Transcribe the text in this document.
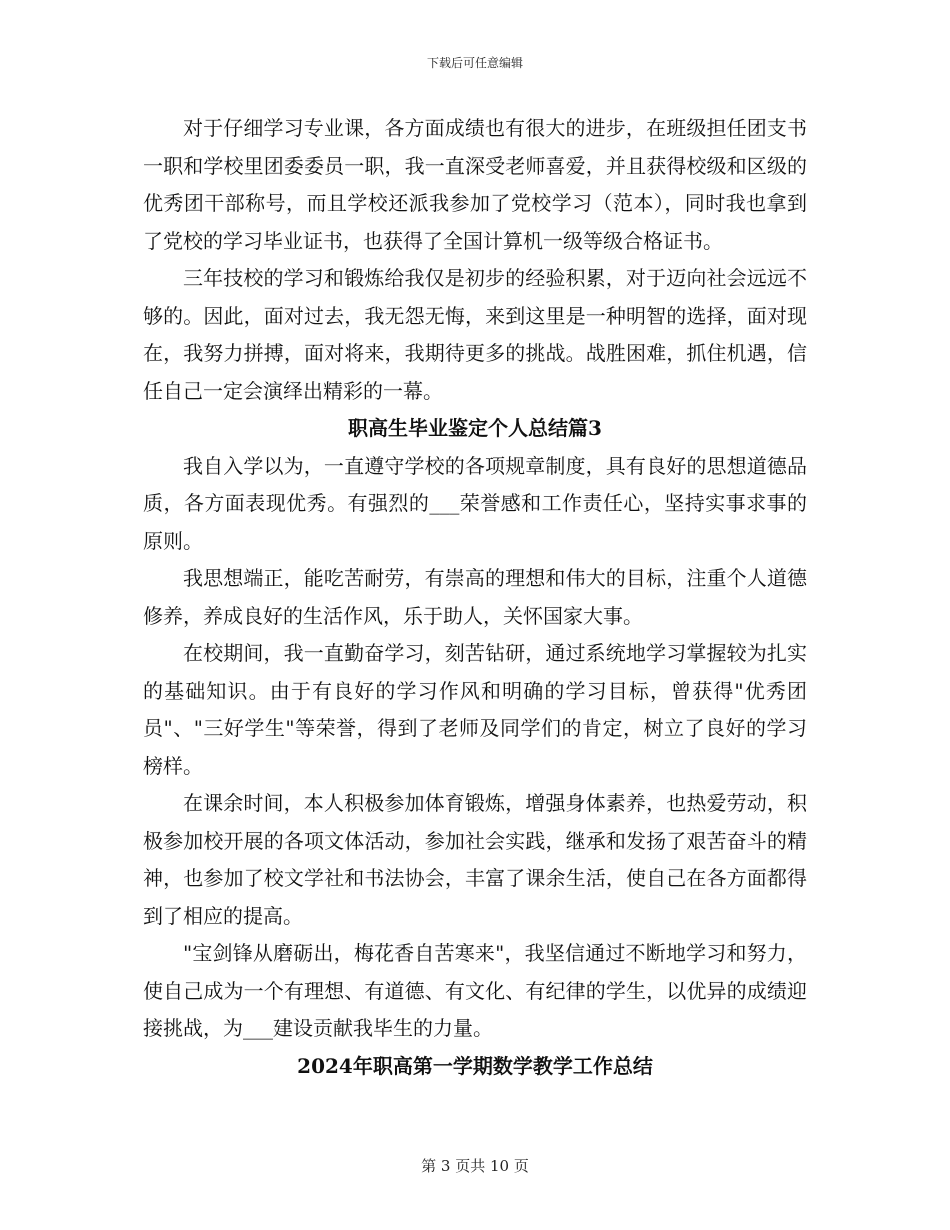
下载后可任意编辑

对于仔细学习专业课，各方面成绩也有很大的进步，在班级担任团支书一职和学校里团委委员一职，我一直深受老师喜爱，并且获得校级和区级的优秀团干部称号，而且学校还派我参加了党校学习（范本），同时我也拿到了党校的学习毕业证书，也获得了全国计算机一级等级合格证书。

三年技校的学习和锻炼给我仅是初步的经验积累，对于迈向社会远远不够的。因此，面对过去，我无怨无悔，来到这里是一种明智的选择，面对现在，我努力拼搏，面对将来，我期待更多的挑战。战胜困难，抓住机遇，信任自己一定会演绎出精彩的一幕。

职高生毕业鉴定个人总结篇3

我自入学以为，一直遵守学校的各项规章制度，具有良好的思想道德品质，各方面表现优秀。有强烈的___荣誉感和工作责任心，坚持实事求事的原则。

我思想端正，能吃苦耐劳，有崇高的理想和伟大的目标，注重个人道德修养，养成良好的生活作风，乐于助人，关怀国家大事。

在校期间，我一直勤奋学习，刻苦钻研，通过系统地学习掌握较为扎实的基础知识。由于有良好的学习作风和明确的学习目标，曾获得"优秀团员"、"三好学生"等荣誉，得到了老师及同学们的肯定，树立了良好的学习榜样。

在课余时间，本人积极参加体育锻炼，增强身体素养，也热爱劳动，积极参加校开展的各项文体活动，参加社会实践，继承和发扬了艰苦奋斗的精神，也参加了校文学社和书法协会，丰富了课余生活，使自己在各方面都得到了相应的提高。

"宝剑锋从磨砺出，梅花香自苦寒来"，我坚信通过不断地学习和努力，使自己成为一个有理想、有道德、有文化、有纪律的学生，以优异的成绩迎接挑战，为___建设贡献我毕生的力量。

2024年职高第一学期数学教学工作总结

第 3 页共 10 页
